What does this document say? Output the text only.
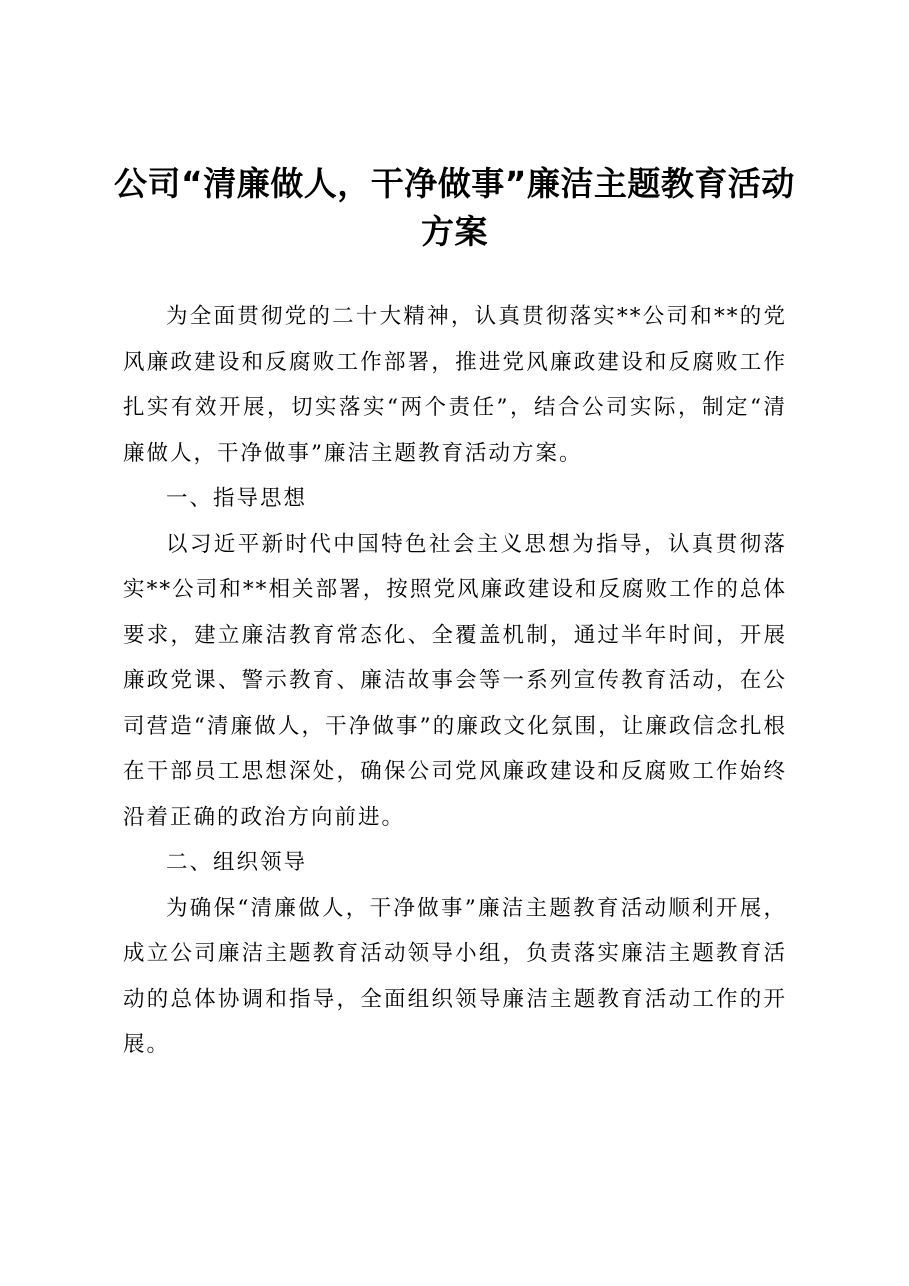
公司“清廉做人，干净做事”廉洁主题教育活动方案

为全面贯彻党的二十大精神，认真贯彻落实**公司和**的党风廉政建设和反腐败工作部署，推进党风廉政建设和反腐败工作扎实有效开展，切实落实“两个责任”，结合公司实际，制定“清廉做人，干净做事”廉洁主题教育活动方案。

一、指导思想

以习近平新时代中国特色社会主义思想为指导，认真贯彻落实**公司和**相关部署，按照党风廉政建设和反腐败工作的总体要求，建立廉洁教育常态化、全覆盖机制，通过半年时间，开展廉政党课、警示教育、廉洁故事会等一系列宣传教育活动，在公司营造“清廉做人，干净做事”的廉政文化氛围，让廉政信念扎根在干部员工思想深处，确保公司党风廉政建设和反腐败工作始终沿着正确的政治方向前进。

二、组织领导

为确保“清廉做人，干净做事”廉洁主题教育活动顺利开展，成立公司廉洁主题教育活动领导小组，负责落实廉洁主题教育活动的总体协调和指导，全面组织领导廉洁主题教育活动工作的开展。
